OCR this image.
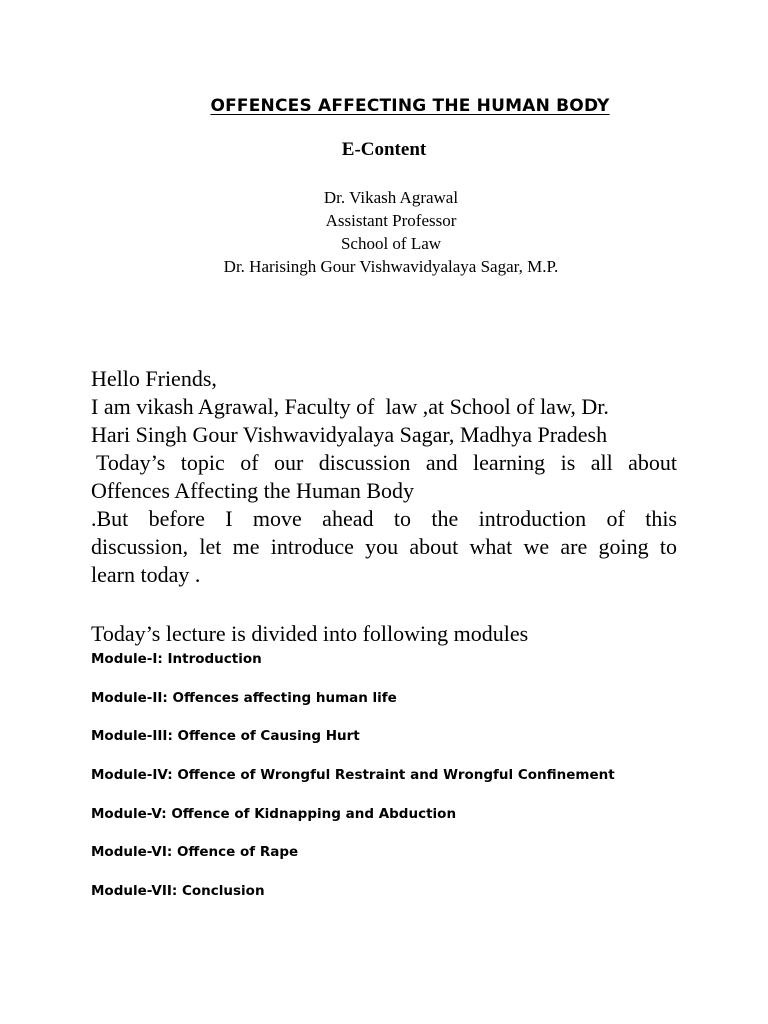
OFFENCES AFFECTING THE HUMAN BODY
E-Content
Dr. Vikash Agrawal
Assistant Professor
School of Law
Dr. Harisingh Gour Vishwavidyalaya Sagar, M.P.
Hello Friends,
I am vikash Agrawal, Faculty of  law ,at School of law, Dr.
Hari Singh Gour Vishwavidyalaya Sagar, Madhya Pradesh
Today’s topic of our discussion and learning is all about
Offences Affecting the Human Body
.But before I move ahead to the introduction of this
discussion, let me introduce you about what we are going to
learn today .
Today’s lecture is divided into following modules
Module-I: Introduction
Module-II: Offences affecting human life
Module-III: Offence of Causing Hurt
Module-IV: Offence of Wrongful Restraint and Wrongful Confinement
Module-V: Offence of Kidnapping and Abduction
Module-VI: Offence of Rape
Module-VII: Conclusion
